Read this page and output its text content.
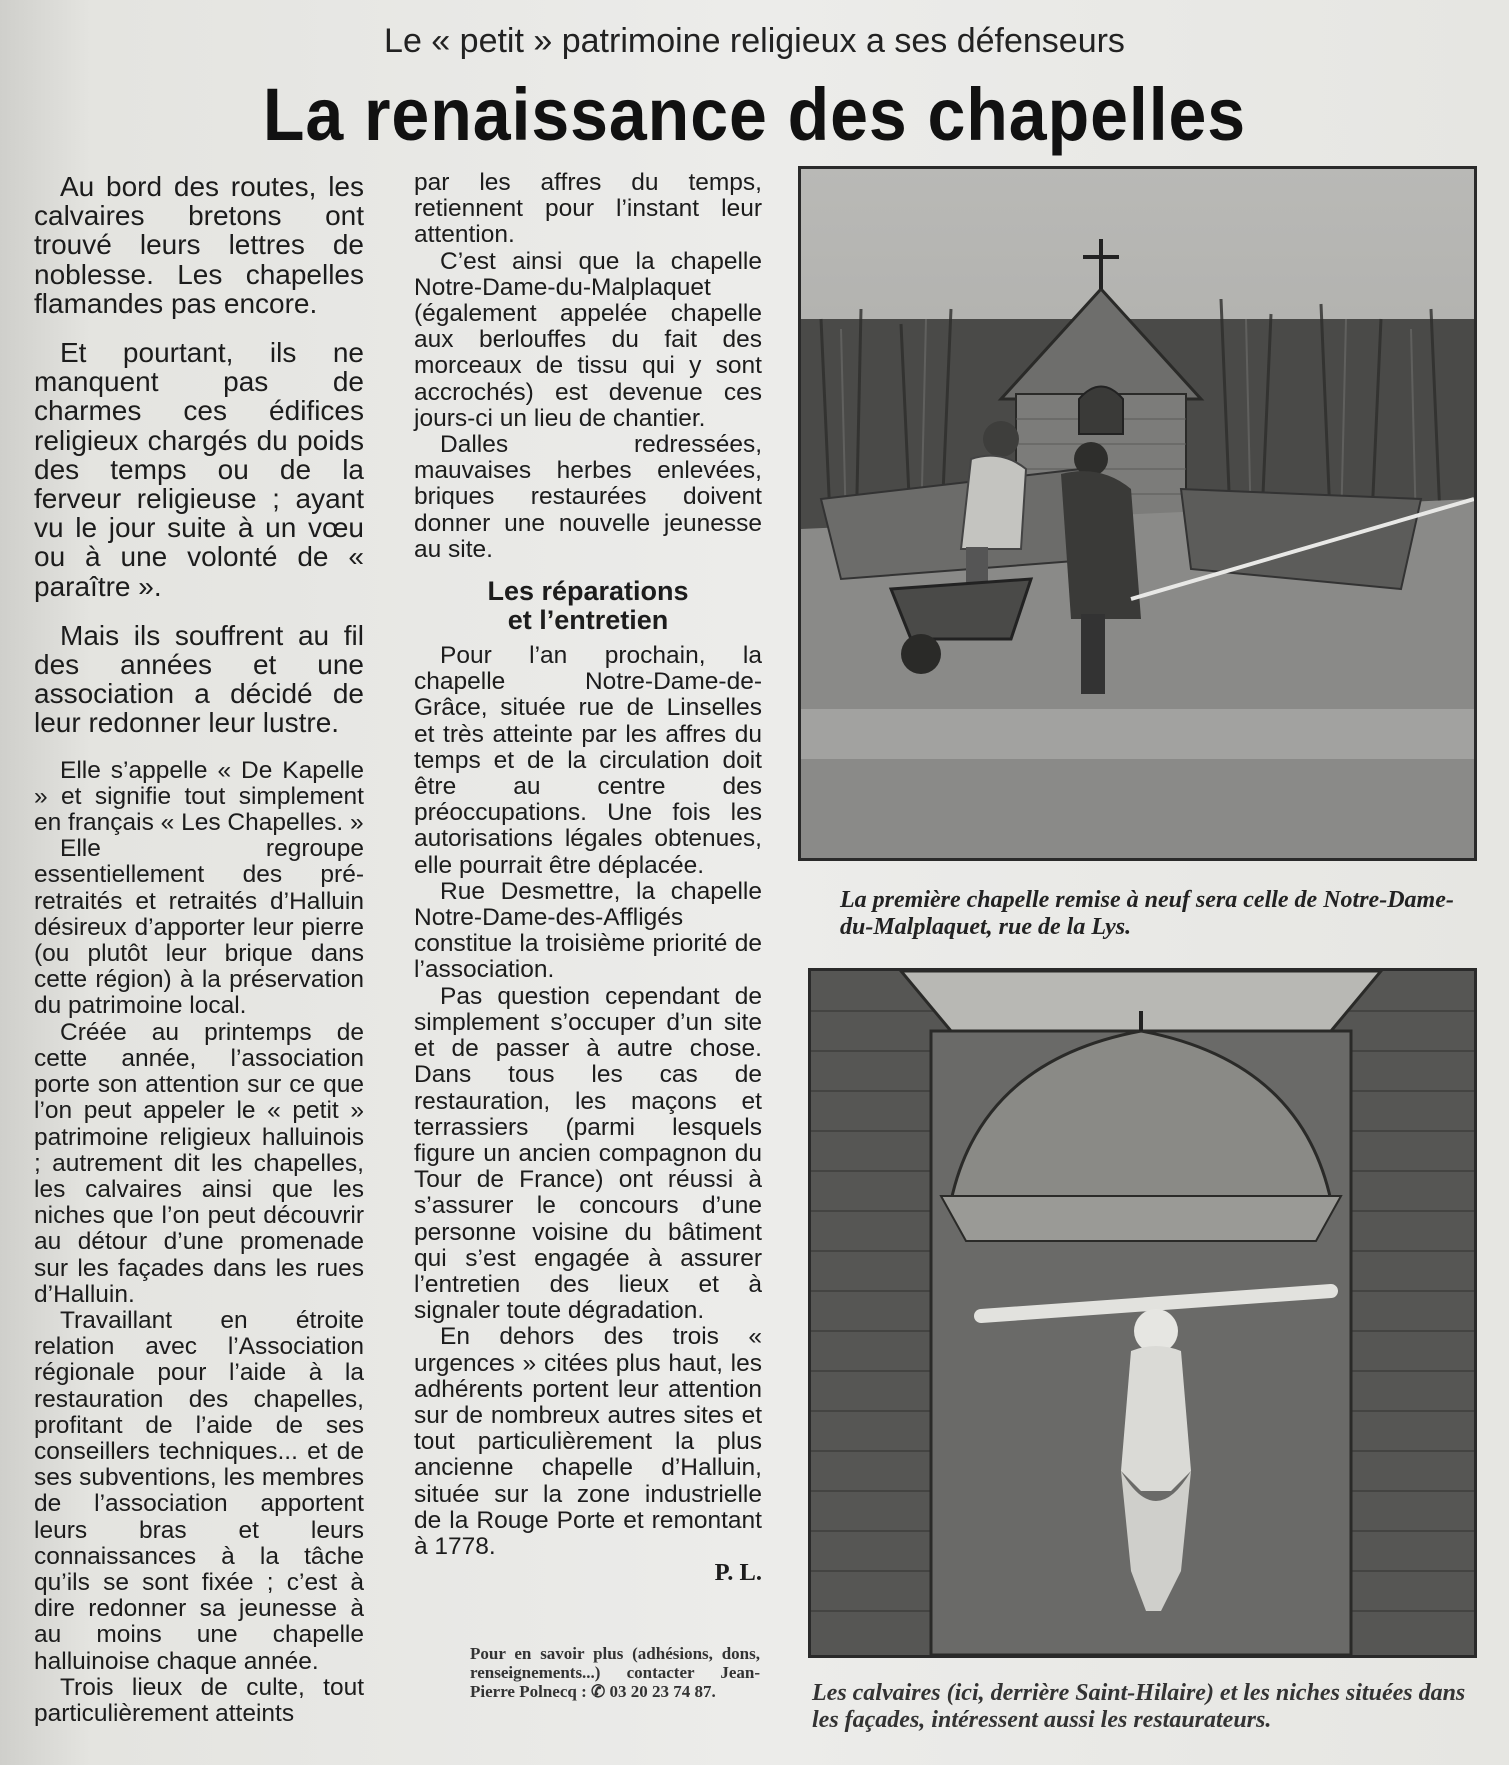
Le « petit » patrimoine religieux a ses défenseurs
La renaissance des chapelles

Au bord des routes, les calvaires bretons ont trouvé leurs lettres de noblesse. Les chapelles flamandes pas encore.

Et pourtant, ils ne manquent pas de charmes ces édifices religieux chargés du poids des temps ou de la ferveur religieuse ; ayant vu le jour suite à un vœu ou à une volonté de « paraître ».

Mais ils souffrent au fil des années et une association a décidé de leur redonner leur lustre.

Elle s’appelle « De Kapelle » et signifie tout simplement en français « Les Chapelles. »

Elle regroupe essentiellement des pré-retraités et retraités d’Halluin désireux d’apporter leur pierre (ou plutôt leur brique dans cette région) à la préservation du patrimoine local.

Créée au printemps de cette année, l’association porte son attention sur ce que l’on peut appeler le « petit » patrimoine religieux halluinois ; autrement dit les chapelles, les calvaires ainsi que les niches que l’on peut découvrir au détour d’une promenade sur les façades dans les rues d’Halluin.

Travaillant en étroite relation avec l’Association régionale pour l’aide à la restauration des chapelles, profitant de l’aide de ses conseillers techniques... et de ses subventions, les membres de l’association apportent leurs bras et leurs connaissances à la tâche qu’ils se sont fixée ; c’est à dire redonner sa jeunesse à au moins une chapelle halluinoise chaque année.

Trois lieux de culte, tout particulièrement atteints

par les affres du temps, retiennent pour l’instant leur attention.

C’est ainsi que la chapelle Notre-Dame-du-Malplaquet (également appelée chapelle aux berlouffes du fait des morceaux de tissu qui y sont accrochés) est devenue ces jours-ci un lieu de chantier.

Dalles redressées, mauvaises herbes enlevées, briques restaurées doivent donner une nouvelle jeunesse au site.

Les réparations
et l’entretien

Pour l’an prochain, la chapelle Notre-Dame-de-Grâce, située rue de Linselles et très atteinte par les affres du temps et de la circulation doit être au centre des préoccupations. Une fois les autorisations légales obtenues, elle pourrait être déplacée.

Rue Desmettre, la chapelle Notre-Dame-des-Affligés constitue la troisième priorité de l’association.

Pas question cependant de simplement s’occuper d’un site et de passer à autre chose. Dans tous les cas de restauration, les maçons et terrassiers (parmi lesquels figure un ancien compagnon du Tour de France) ont réussi à s’assurer le concours d’une personne voisine du bâtiment qui s’est engagée à assurer l’entretien des lieux et à signaler toute dégradation.

En dehors des trois « urgences » citées plus haut, les adhérents portent leur attention sur de nombreux autres sites et tout particulièrement la plus ancienne chapelle d’Halluin, située sur la zone industrielle de la Rouge Porte et remontant à 1778.

P. L.

Pour en savoir plus (adhésions, dons, renseignements...) contacter Jean-Pierre Polnecq : ✆ 03 20 23 74 87.
La première chapelle remise à neuf sera celle de Notre-Dame-du-Malplaquet, rue de la Lys.
Les calvaires (ici, derrière Saint-Hilaire) et les niches situées dans les façades, intéressent aussi les restaurateurs.
